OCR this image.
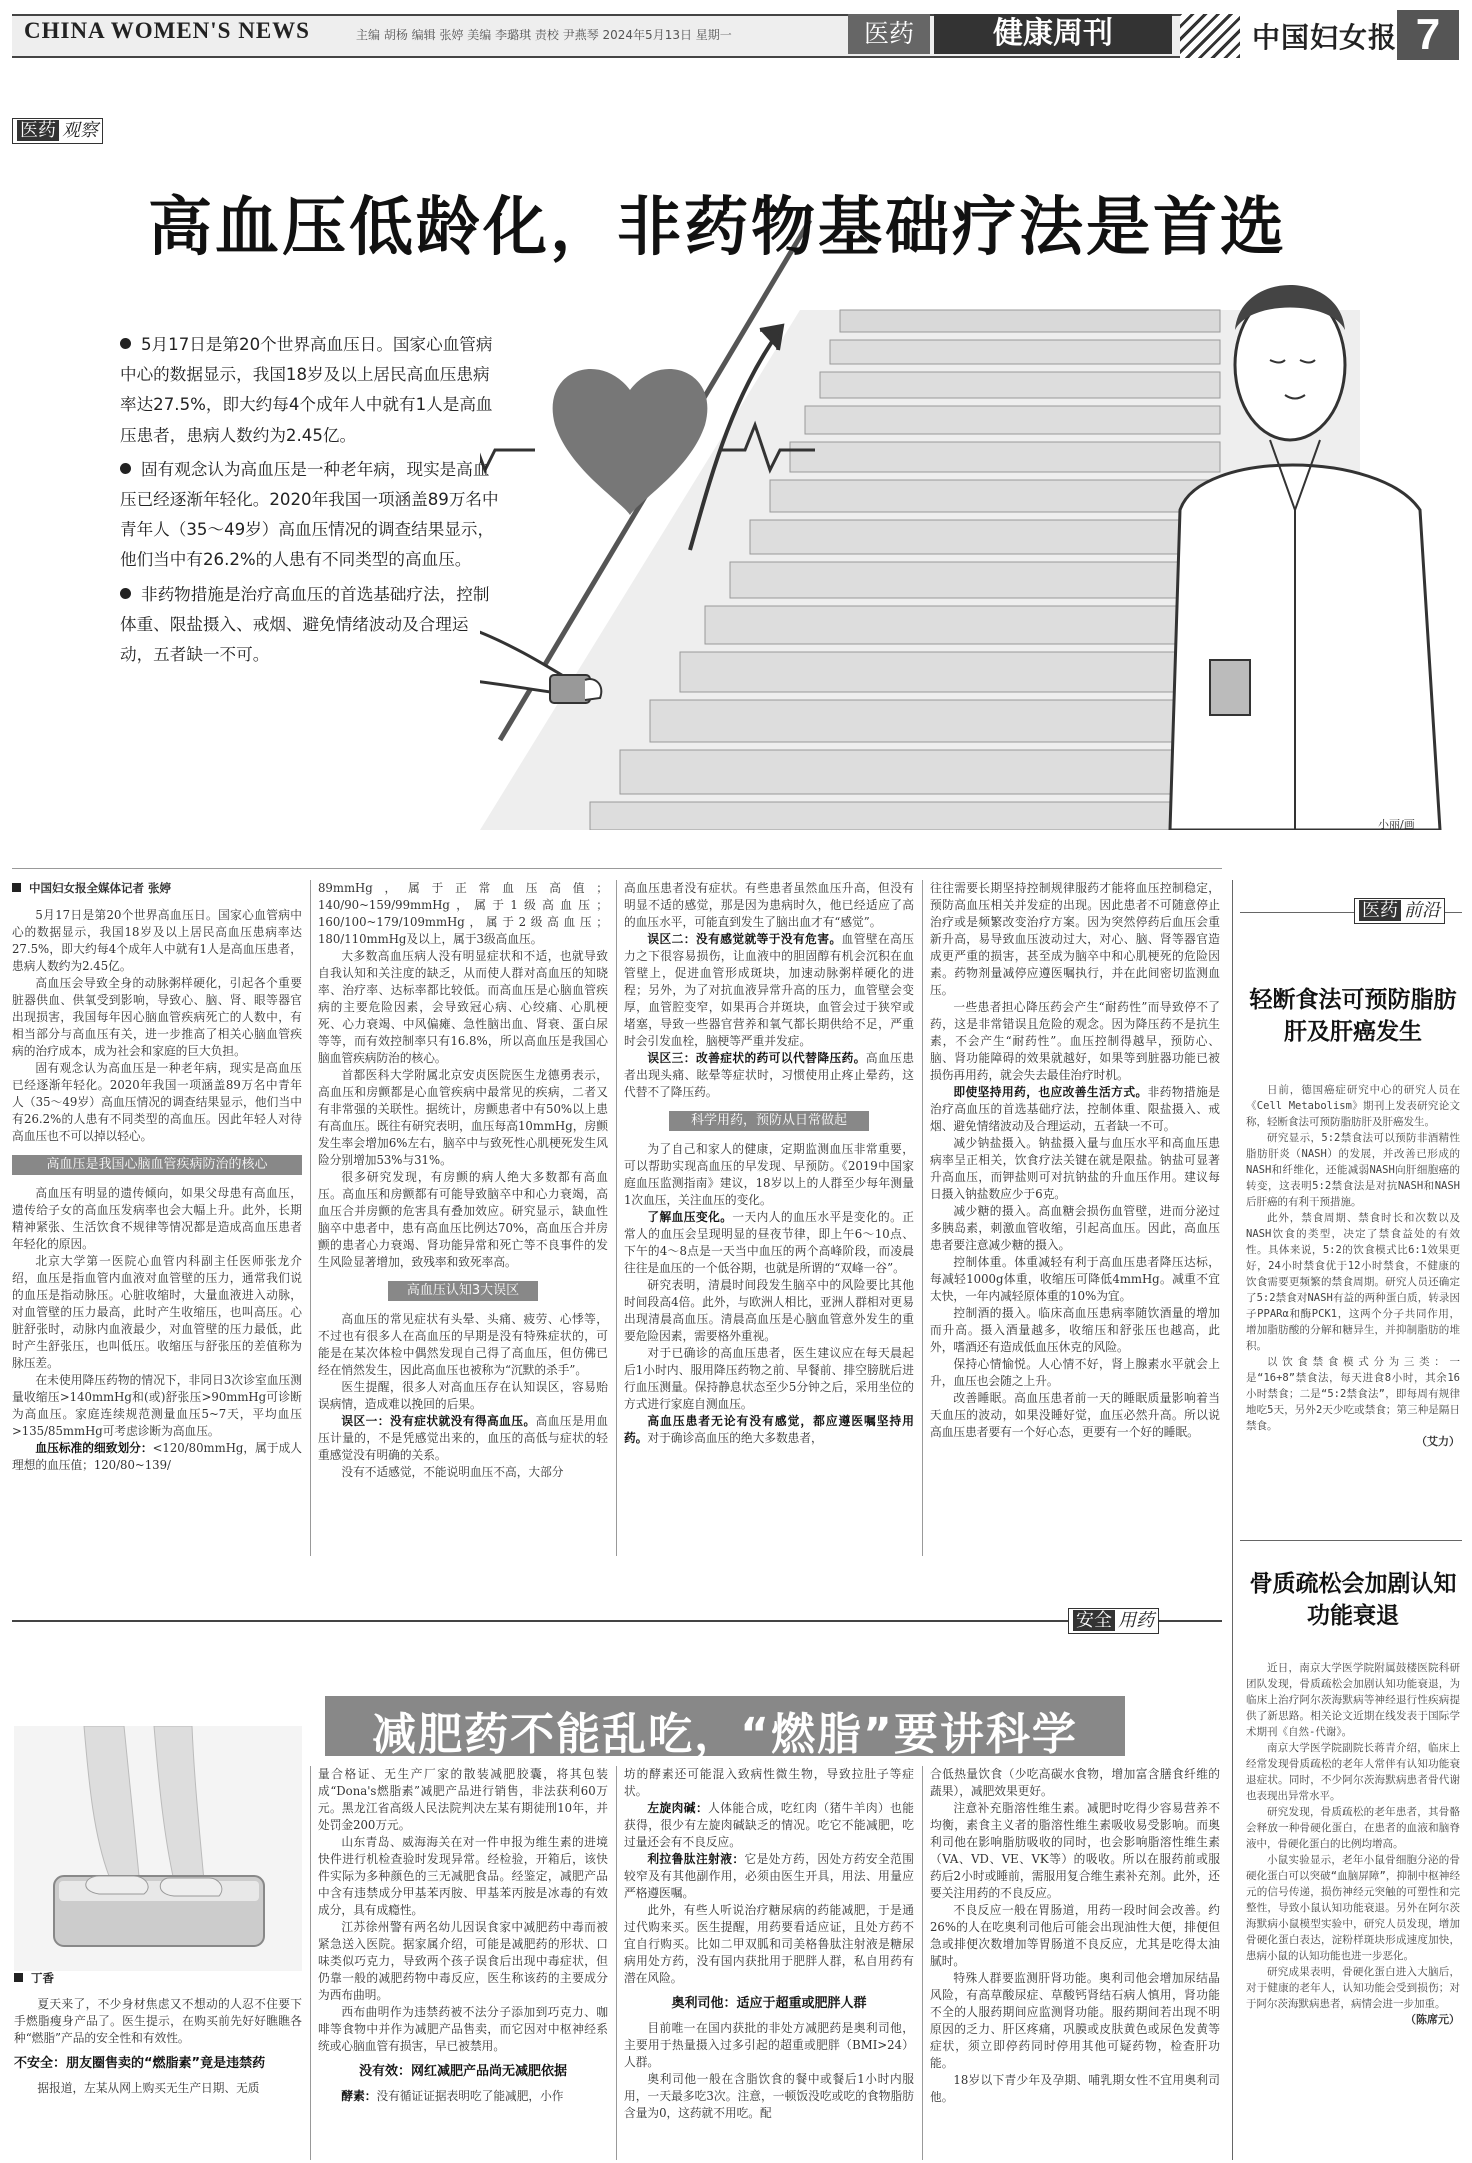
CHINA WOMEN'S NEWS	主编 胡杨 编辑 张婷 美编 李璐琪 责校 尹燕琴 2024年5月13日 星期一	医药	健康周刊	中国妇女报 7
医药 观察
高血压低龄化，非药物基础疗法是首选

5月17日是第20个世界高血压日。国家心血管病中心的数据显示，我国18岁及以上居民高血压患病率达27.5%，即大约每4个成年人中就有1人是高血压患者，患病人数约为2.45亿。

固有观念认为高血压是一种老年病，现实是高血压已经逐渐年轻化。2020年我国一项涵盖89万名中青年人（35～49岁）高血压情况的调查结果显示，他们当中有26.2%的人患有不同类型的高血压。

非药物措施是治疗高血压的首选基础疗法，控制体重、限盐摄入、戒烟、避免情绪波动及合理运动，五者缺一不可。

小丽/画
中国妇女报全媒体记者 张婷

5月17日是第20个世界高血压日。国家心血管病中心的数据显示，我国18岁及以上居民高血压患病率达27.5%，即大约每4个成年人中就有1人是高血压患者，患病人数约为2.45亿。

高血压会导致全身的动脉粥样硬化，引起各个重要脏器供血、供氧受到影响，导致心、脑、肾、眼等器官出现损害，我国每年因心脑血管疾病死亡的人数中，有相当部分与高血压有关，进一步推高了相关心脑血管疾病的治疗成本，成为社会和家庭的巨大负担。

固有观念认为高血压是一种老年病，现实是高血压已经逐渐年轻化。2020年我国一项涵盖89万名中青年人（35～49岁）高血压情况的调查结果显示，他们当中有26.2%的人患有不同类型的高血压。因此年轻人对待高血压也不可以掉以轻心。

高血压是我国心脑血管疾病防治的核心

高血压有明显的遗传倾向，如果父母患有高血压，遗传给子女的高血压发病率也会大幅上升。此外，长期精神紧张、生活饮食不规律等情况都是造成高血压患者年轻化的原因。

北京大学第一医院心血管内科副主任医师张龙介绍，血压是指血管内血液对血管壁的压力，通常我们说的血压是指动脉压。心脏收缩时，大量血液进入动脉，对血管壁的压力最高，此时产生收缩压，也叫高压。心脏舒张时，动脉内血液最少，对血管壁的压力最低，此时产生舒张压，也叫低压。收缩压与舒张压的差值称为脉压差。

在未使用降压药物的情况下，非同日3次诊室血压测量收缩压>140mmHg和(或)舒张压>90mmHg可诊断为高血压。家庭连续规范测量血压5~7天，平均血压>135/85mmHg可考虑诊断为高血压。

血压标准的细致划分：<120/80mmHg，属于成人理想的血压值；120/80~139/

89mmHg，属于正常血压高值；140/90~159/99mmHg，属于1级高血压；160/100~179/109mmHg，属于2级高血压；180/110mmHg及以上，属于3级高血压。

大多数高血压病人没有明显症状和不适，也就导致自我认知和关注度的缺乏，从而使人群对高血压的知晓率、治疗率、达标率都比较低。而高血压是心脑血管疾病的主要危险因素，会导致冠心病、心绞痛、心肌梗死、心力衰竭、中风偏瘫、急性脑出血、肾衰、蛋白尿等等，而有效控制率只有16.8%，所以高血压是我国心脑血管疾病防治的核心。

首都医科大学附属北京安贞医院医生龙德勇表示，高血压和房颤都是心血管疾病中最常见的疾病，二者又有非常强的关联性。据统计，房颤患者中有50%以上患有高血压。既往有研究表明，血压每高10mmHg，房颤发生率会增加6%左右，脑卒中与致死性心肌梗死发生风险分别增加53%与31%。

很多研究发现，有房颤的病人绝大多数都有高血压。高血压和房颤都有可能导致脑卒中和心力衰竭，高血压合并房颤的危害具有叠加效应。研究显示，缺血性脑卒中患者中，患有高血压比例达70%，高血压合并房颤的患者心力衰竭、肾功能异常和死亡等不良事件的发生风险显著增加，致残率和致死率高。

高血压认知3大误区

高血压的常见症状有头晕、头痛、疲劳、心悸等，不过也有很多人在高血压的早期是没有特殊症状的，可能是在某次体检中偶然发现自己得了高血压，但仿佛已经在悄然发生，因此高血压也被称为“沉默的杀手”。

医生提醒，很多人对高血压存在认知误区，容易贻误病情，造成难以挽回的后果。

误区一：没有症状就没有得高血压。高血压是用血压计量的，不是凭感觉出来的，血压的高低与症状的轻重感觉没有明确的关系。

没有不适感觉，不能说明血压不高，大部分

高血压患者没有症状。有些患者虽然血压升高，但没有明显不适的感觉，那是因为患病时久，他已经适应了高的血压水平，可能直到发生了脑出血才有“感觉”。

误区二：没有感觉就等于没有危害。血管壁在高压力之下很容易损伤，让血液中的胆固醇有机会沉积在血管壁上，促进血管形成斑块，加速动脉粥样硬化的进程；另外，为了对抗血液异常升高的压力，血管壁会变厚，血管腔变窄，如果再合并斑块，血管会过于狭窄或堵塞，导致一些器官营养和氧气都长期供给不足，严重时会引发血栓，脑梗等严重并发症。

误区三：改善症状的药可以代替降压药。高血压患者出现头痛、眩晕等症状时，习惯使用止疼止晕药，这代替不了降压药。

科学用药，预防从日常做起

为了自己和家人的健康，定期监测血压非常重要，可以帮助实现高血压的早发现、早预防。《2019中国家庭血压监测指南》建议，18岁以上的人群至少每年测量1次血压，关注血压的变化。

了解血压变化。一天内人的血压水平是变化的。正常人的血压会呈现明显的昼夜节律，即上午6～10点、下午的4～8点是一天当中血压的两个高峰阶段，而凌晨往往是血压的一个低谷期，也就是所谓的“双峰一谷”。

研究表明，清晨时间段发生脑卒中的风险要比其他时间段高4倍。此外，与欧洲人相比，亚洲人群相对更易出现清晨高血压。清晨高血压是心脑血管意外发生的重要危险因素，需要格外重视。

对于已确诊的高血压患者，医生建议应在每天晨起后1小时内、服用降压药物之前、早餐前、排空膀胱后进行血压测量。保持静息状态至少5分钟之后，采用坐位的方式进行家庭自测血压。

高血压患者无论有没有感觉，都应遵医嘱坚持用药。对于确诊高血压的绝大多数患者，

往往需要长期坚持控制规律服药才能将血压控制稳定，预防高血压相关并发症的出现。因此患者不可随意停止治疗或是频繁改变治疗方案。因为突然停药后血压会重新升高，易导致血压波动过大，对心、脑、肾等器官造成更严重的损害，甚至成为脑卒中和心肌梗死的危险因素。药物剂量减停应遵医嘱执行，并在此间密切监测血压。

一些患者担心降压药会产生“耐药性”而导致停不了药，这是非常错误且危险的观念。因为降压药不是抗生素，不会产生“耐药性”。血压控制得越早，预防心、脑、肾功能障碍的效果就越好，如果等到脏器功能已被损伤再用药，就会失去最佳治疗时机。

即使坚持用药，也应改善生活方式。非药物措施是治疗高血压的首选基础疗法，控制体重、限盐摄入、戒烟、避免情绪波动及合理运动，五者缺一不可。

减少钠盐摄入。钠盐摄入量与血压水平和高血压患病率呈正相关，饮食疗法关键在就是限盐。钠盐可显著升高血压，而钾盐则可对抗钠盐的升血压作用。建议每日摄入钠盐数应少于6克。

减少糖的摄入。高血糖会损伤血管壁，进而分泌过多胰岛素，刺激血管收缩，引起高血压。因此，高血压患者要注意减少糖的摄入。

控制体重。体重减轻有利于高血压患者降压达标，每减轻1000g体重，收缩压可降低4mmHg。减重不宜太快，一年内减轻原体重的10%为宜。

控制酒的摄入。临床高血压患病率随饮酒量的增加而升高。摄入酒量越多，收缩压和舒张压也越高，此外，嗜酒还有造成低血压休克的风险。

保持心情愉悦。人心情不好，肾上腺素水平就会上升，血压也会随之上升。

改善睡眠。高血压患者前一天的睡眠质量影响着当天血压的波动，如果没睡好觉，血压必然升高。所以说高血压患者要有一个好心态，更要有一个好的睡眠。

医药 前沿
轻断食法可预防脂肪肝及肝癌发生

日前，德国癌症研究中心的研究人员在《Cell Metabolism》期刊上发表研究论文称，轻断食法可预防脂肪肝及肝癌发生。

研究显示，5:2禁食法可以预防非酒精性脂肪肝炎（NASH）的发展，并改善已形成的NASH和纤维化，还能减弱NASH向肝细胞癌的转变，这表明5:2禁食法是对抗NASH和NASH后肝癌的有利干预措施。

此外，禁食周期、禁食时长和次数以及NASH饮食的类型，决定了禁食益处的有效性。具体来说，5:2的饮食模式比6:1效果更好，24小时禁食优于12小时禁食，不健康的饮食需要更频繁的禁食周期。研究人员还确定了5:2禁食对NASH有益的两种蛋白质，转录因子PPARα和酶PCK1，这两个分子共同作用，增加脂肪酸的分解和糖异生，并抑制脂肪的堆积。

以饮食禁食模式分为三类：一是“16+8”禁食法，每天进食8小时，其余16小时禁食；二是“5:2禁食法”，即每周有规律地吃5天，另外2天少吃或禁食；第三种是隔日禁食。

（艾力）
骨质疏松会加剧认知功能衰退

近日，南京大学医学院附属鼓楼医院科研团队发现，骨质疏松会加剧认知功能衰退，为临床上治疗阿尔茨海默病等神经退行性疾病提供了新思路。相关论文近期在线发表于国际学术期刊《自然-代谢》。

南京大学医学院副院长蒋青介绍，临床上经常发现骨质疏松的老年人常伴有认知功能衰退症状。同时，不少阿尔茨海默病患者骨代谢也表现出异常水平。

研究发现，骨质疏松的老年患者，其骨骼会释放一种骨硬化蛋白，在患者的血液和脑脊液中，骨硬化蛋白的比例均增高。

小鼠实验显示，老年小鼠骨细胞分泌的骨硬化蛋白可以突破“血脑屏障”，抑制中枢神经元的信号传递，损伤神经元突触的可塑性和完整性，导致小鼠认知功能衰退。另外在阿尔茨海默病小鼠模型实验中，研究人员发现，增加骨硬化蛋白表达，淀粉样斑块形成速度加快，患病小鼠的认知功能也进一步恶化。

研究成果表明，骨硬化蛋白进入大脑后，对于健康的老年人，认知功能会受到损伤；对于阿尔茨海默病患者，病情会进一步加重。

（陈席元）
安全 用药
减肥药不能乱吃，“燃脂”要讲科学
丁香

夏天来了，不少身材焦虑又不想动的人忍不住要下手燃脂瘦身产品了。医生提示，在购买前先好好瞧瞧各种“燃脂”产品的安全性和有效性。

不安全：朋友圈售卖的“燃脂素”竟是违禁药

据报道，左某从网上购买无生产日期、无质

量合格证、无生产厂家的散装减肥胶囊，将其包装成“Dona's燃脂素”减肥产品进行销售，非法获利60万元。黑龙江省高级人民法院判决左某有期徒刑10年，并处罚金200万元。

山东青岛、威海海关在对一件申报为维生素的进境快件进行机检查验时发现异常。经检验，开箱后，该快件实际为多种颜色的三无减肥食品。经鉴定，减肥产品中含有违禁成分甲基苯丙胺、甲基苯丙胺是冰毒的有效成分，具有成瘾性。

江苏徐州警有两名幼儿因误食家中减肥药中毒而被紧急送入医院。据家属介绍，可能是减肥药的形状、口味类似巧克力，导致两个孩子误食后出现中毒症状，但仍靠一般的减肥药物中毒反应，医生称该药的主要成分为西布曲明。

西布曲明作为违禁药被不法分子添加到巧克力、咖啡等食物中并作为减肥产品售卖，而它因对中枢神经系统或心脑血管有损害，早已被禁用。

没有效：网红减肥产品尚无减肥依据

酵素：没有循证证据表明吃了能减肥，小作

坊的酵素还可能混入致病性微生物，导致拉肚子等症状。

左旋肉碱：人体能合成，吃红肉（猪牛羊肉）也能获得，很少有左旋肉碱缺乏的情况。吃它不能减肥，吃过量还会有不良反应。

利拉鲁肽注射液：它是处方药，因处方药安全范围较窄及有其他副作用，必须由医生开具，用法、用量应严格遵医嘱。

此外，有些人听说治疗糖尿病的药能减肥，于是通过代购来买。医生提醒，用药要看适应证，且处方药不宜自行购买。比如二甲双胍和司美格鲁肽注射液是糖尿病用处方药，没有国内获批用于肥胖人群，私自用药有潜在风险。

奥利司他：适应于超重或肥胖人群

目前唯一在国内获批的非处方减肥药是奥利司他，主要用于热量摄入过多引起的超重或肥胖（BMI>24）人群。

奥利司他一般在含脂饮食的餐中或餐后1小时内服用，一天最多吃3次。注意，一顿饭没吃或吃的食物脂肪含量为0，这药就不用吃。配

合低热量饮食（少吃高碳水食物，增加富含膳食纤维的蔬果），减肥效果更好。

注意补充脂溶性维生素。减肥时吃得少容易营养不均衡，素食主义者的脂溶性维生素吸收易受影响。而奥利司他在影响脂肪吸收的同时，也会影响脂溶性维生素（VA、VD、VE、VK等）的吸收。所以在服药前或服药后2小时或睡前，需服用复合维生素补充剂。此外，还要关注用药的不良反应。

不良反应一般在胃肠道，用药一段时间会改善。约26%的人在吃奥利司他后可能会出现油性大便，排便但急或排便次数增加等胃肠道不良反应，尤其是吃得太油腻时。

特殊人群要监测肝肾功能。奥利司他会增加尿结晶风险，有高草酸尿症、草酸钙肾结石病人慎用，肾功能不全的人服药期间应监测肾功能。服药期间若出现不明原因的乏力、肝区疼痛，巩膜或皮肤黄色或尿色发黄等症状，须立即停药同时停用其他可疑药物，检查肝功能。

18岁以下青少年及孕期、哺乳期女性不宜用奥利司他。
